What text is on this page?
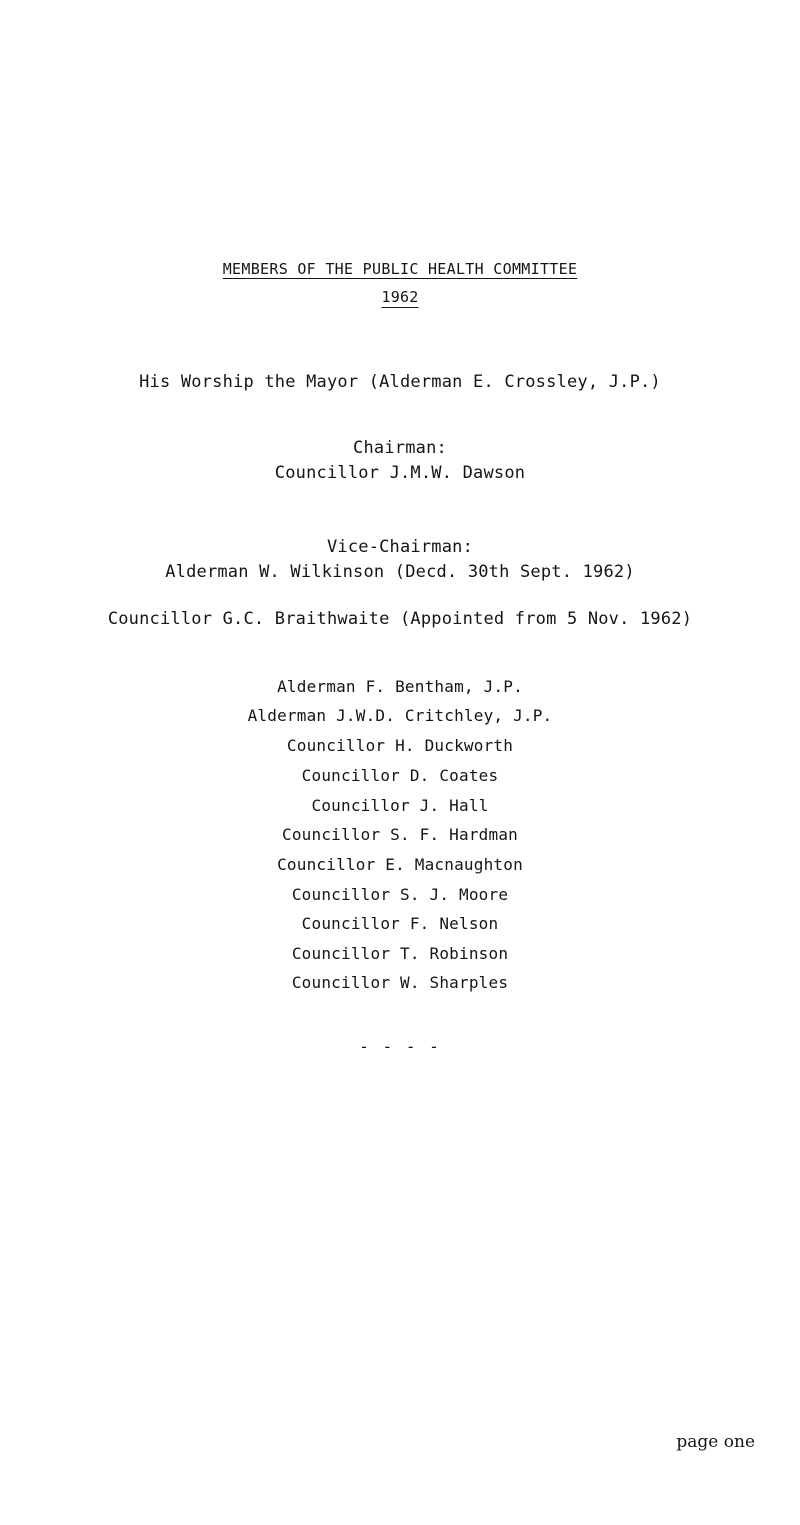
MEMBERS OF THE PUBLIC HEALTH COMMITTEE
1962
His Worship the Mayor (Alderman E. Crossley, J.P.)
Chairman:
Councillor J.M.W. Dawson
Vice-Chairman:
Alderman W. Wilkinson (Decd. 30th Sept. 1962)
Councillor G.C. Braithwaite (Appointed from 5 Nov. 1962)
Alderman F. Bentham, J.P.
Alderman J.W.D. Critchley, J.P.
Councillor H. Duckworth
Councillor D. Coates
Councillor J. Hall
Councillor S. F. Hardman
Councillor E. Macnaughton
Councillor S. J. Moore
Councillor F. Nelson
Councillor T. Robinson
Councillor W. Sharples
- - - -
page one
